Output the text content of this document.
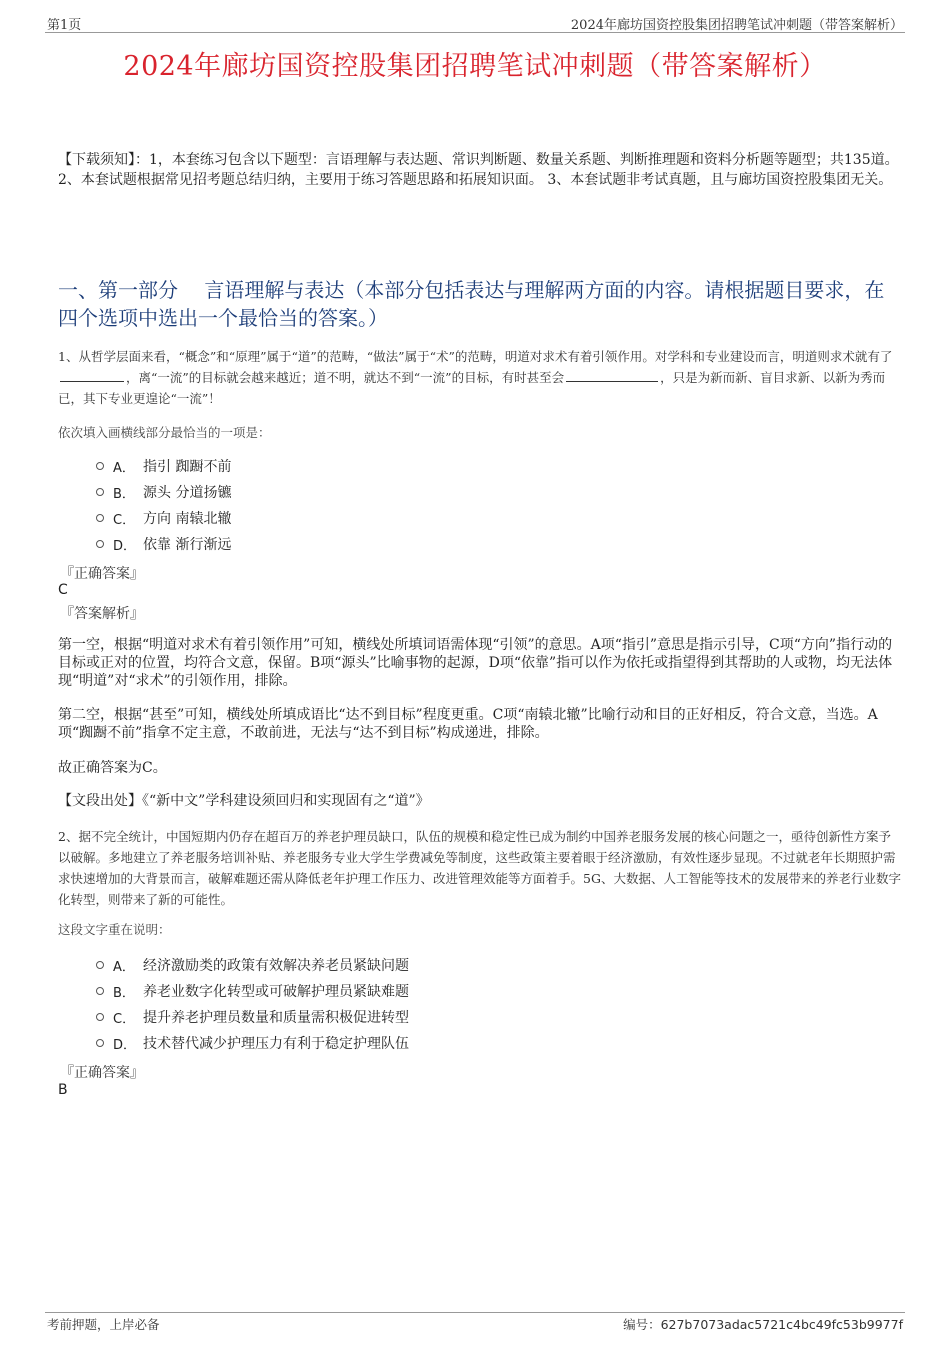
第1页	2024年廊坊国资控股集团招聘笔试冲刺题（带答案解析）
2024年廊坊国资控股集团招聘笔试冲刺题（带答案解析）
【下载须知】：1，本套练习包含以下题型：言语理解与表达题、常识判断题、数量关系题、判断推理题和资料分析题等题型；共135道。 2、本套试题根据常见招考题总结归纳，主要用于练习答题思路和拓展知识面。 3、本套试题非考试真题，且与廊坊国资控股集团无关。
一、第一部分　 言语理解与表达（本部分包括表达与理解两方面的内容。请根据题目要求，在四个选项中选出一个最恰当的答案。）
1、从哲学层面来看，“概念”和“原理”属于“道”的范畴，“做法”属于“术”的范畴，明道对求术有着引领作用。对学科和专业建设而言，明道则求术就有了，离“一流”的目标就会越来越近；道不明，就达不到“一流”的目标，有时甚至会	，只是为新而新、盲目求新、以新为秀而已，其下专业更遑论“一流”！
依次填入画横线部分最恰当的一项是：
A． 指引 踟蹰不前
B． 源头 分道扬镳
C． 方向 南辕北辙
D． 依靠 渐行渐远
『正确答案』
C
『答案解析』
第一空，根据“明道对求术有着引领作用”可知，横线处所填词语需体现“引领”的意思。A项“指引”意思是指示引导，C项“方向”指行动的目标或正对的位置，均符合文意，保留。B项“源头”比喻事物的起源，D项“依靠”指可以作为依托或指望得到其帮助的人或物，均无法体现“明道”对“求术”的引领作用，排除。
第二空，根据“甚至”可知，横线处所填成语比“达不到目标”程度更重。C项“南辕北辙”比喻行动和目的正好相反，符合文意，当选。A项“踟蹰不前”指拿不定主意，不敢前进，无法与“达不到目标”构成递进，排除。
故正确答案为C。
【文段出处】《“新中文”学科建设须回归和实现固有之“道”》
2、据不完全统计，中国短期内仍存在超百万的养老护理员缺口，队伍的规模和稳定性已成为制约中国养老服务发展的核心问题之一，亟待创新性方案予以破解。多地建立了养老服务培训补贴、养老服务专业大学生学费减免等制度，这些政策主要着眼于经济激励，有效性逐步显现。不过就老年长期照护需求快速增加的大背景而言，破解难题还需从降低老年护理工作压力、改进管理效能等方面着手。5G、大数据、人工智能等技术的发展带来的养老行业数字化转型，则带来了新的可能性。
这段文字重在说明：
A． 经济激励类的政策有效解决养老员紧缺问题
B． 养老业数字化转型或可破解护理员紧缺难题
C． 提升养老护理员数量和质量需积极促进转型
D． 技术替代减少护理压力有利于稳定护理队伍
『正确答案』
B
考前押题，上岸必备	编号：627b7073adac5721c4bc49fc53b9977f
